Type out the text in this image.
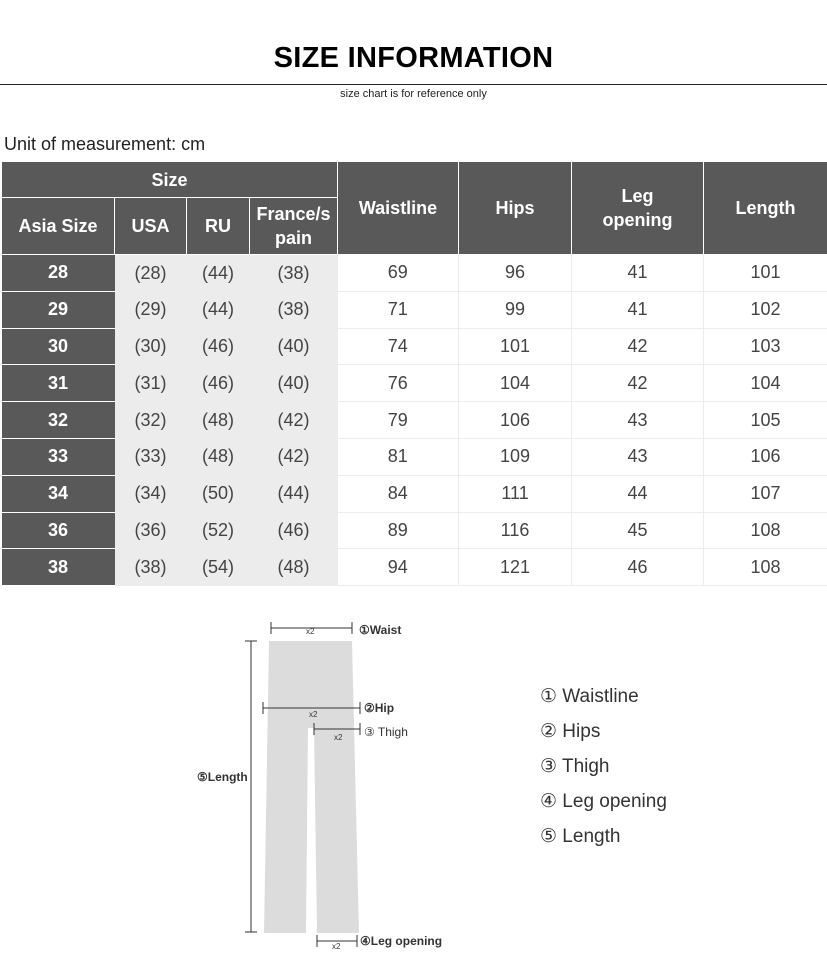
SIZE INFORMATION
size chart is for reference only
Unit of measurement: cm
Size				Waistline	Hips	Leg opening	Length
Asia Size	USA	RU	France/spain				
28	(28)	(44)	(38)	69	96	41	101
29	(29)	(44)	(38)	71	99	41	102
30	(30)	(46)	(40)	74	101	42	103
31	(31)	(46)	(40)	76	104	42	104
32	(32)	(48)	(42)	79	106	43	105
33	(33)	(48)	(42)	81	109	43	106
34	(34)	(50)	(44)	84	111	44	107
36	(36)	(52)	(46)	89	116	45	108
38	(38)	(54)	(48)	94	121	46	108
x2	①Waist
x2	②Hip
x2 ③ Thigh
⑤Length
x2 ④Leg opening
① Waistline
② Hips
③ Thigh
④ Leg opening
⑤ Length
